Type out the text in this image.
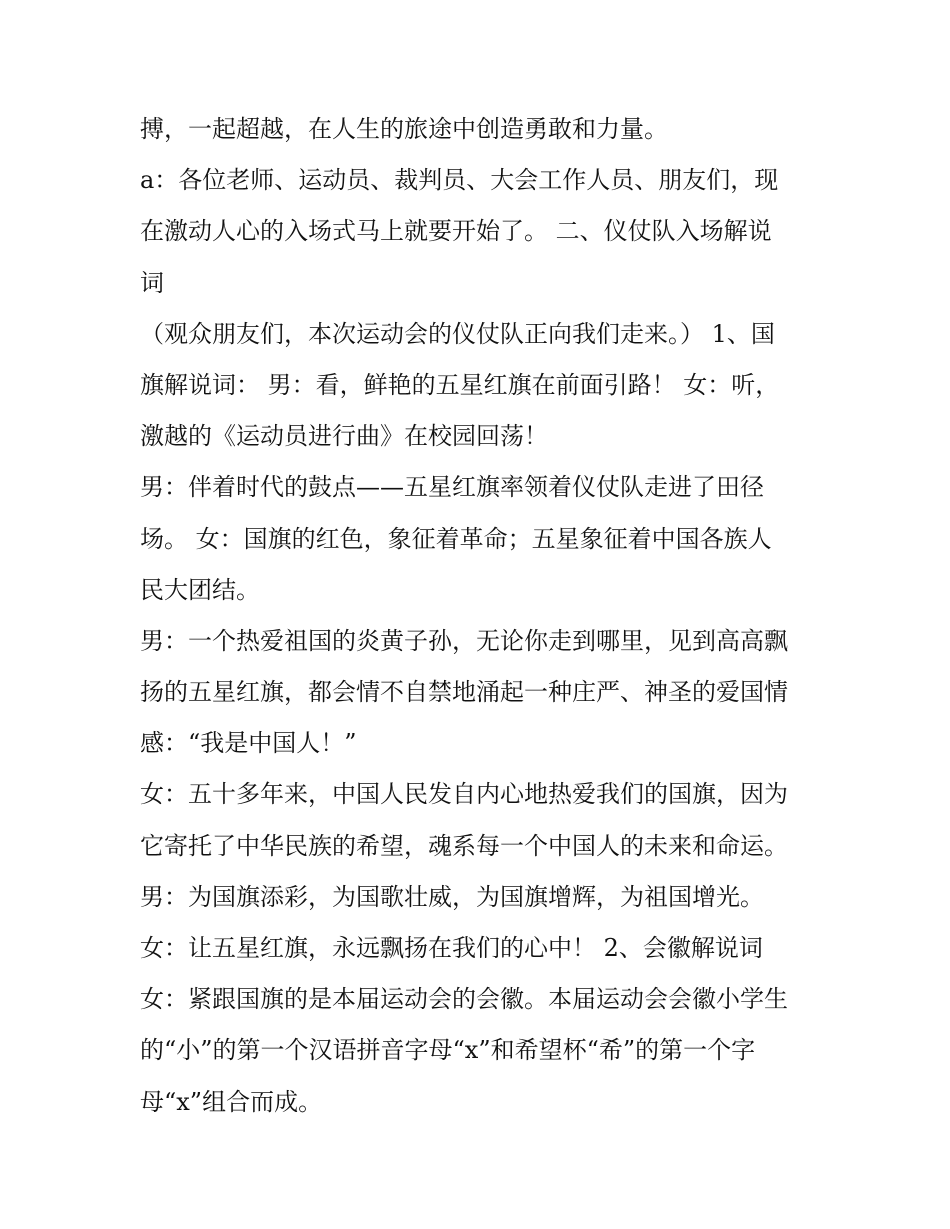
搏，一起超越，在人生的旅途中创造勇敢和力量。

a：各位老师、运动员、裁判员、大会工作人员、朋友们，现

在激动人心的入场式马上就要开始了。 二、仪仗队入场解说

词

（观众朋友们，本次运动会的仪仗队正向我们走来。） 1、国

旗解说词： 男：看，鲜艳的五星红旗在前面引路！ 女：听，

激越的《运动员进行曲》在校园回荡！

男：伴着时代的鼓点——五星红旗率领着仪仗队走进了田径

场。 女：国旗的红色，象征着革命；五星象征着中国各族人

民大团结。

男：一个热爱祖国的炎黄子孙，无论你走到哪里，见到高高飘

扬的五星红旗，都会情不自禁地涌起一种庄严、神圣的爱国情

感：“我是中国人！”

女：五十多年来，中国人民发自内心地热爱我们的国旗，因为

它寄托了中华民族的希望，魂系每一个中国人的未来和命运。

男：为国旗添彩，为国歌壮威，为国旗增辉，为祖国增光。

女：让五星红旗，永远飘扬在我们的心中！ 2、会徽解说词

女：紧跟国旗的是本届运动会的会徽。本届运动会会徽小学生

的“小”的第一个汉语拼音字母“x”和希望杯“希”的第一个字

母“x”组合而成。
